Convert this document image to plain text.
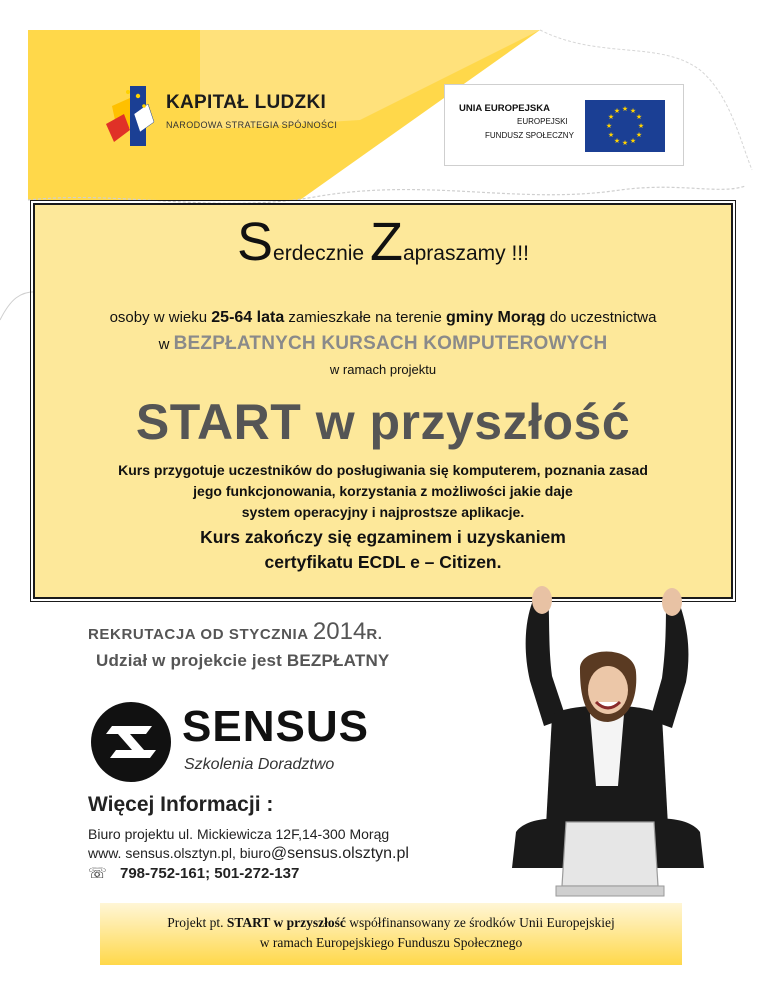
KAPITAŁ LUDZKI
NARODOWA STRATEGIA SPÓJNOŚCI
UNIA EUROPEJSKA
EUROPEJSKI
FUNDUSZ SPOŁECZNY
★ ★
★
★
★
★
★
★
★
★
★
★
Serdecznie Zapraszamy !!!
osoby w wieku 25-64 lata zamieszkałe na terenie gminy Morąg do uczestnictwa
w BEZPŁATNYCH KURSACH KOMPUTEROWYCH
w ramach projektu
START w przyszłość
Kurs przygotuje uczestników do posługiwania się komputerem, poznania zasad
jego funkcjonowania, korzystania z możliwości jakie daje
system operacyjny i najprostsze aplikacje.
Kurs zakończy się egzaminem i uzyskaniem
certyfikatu ECDL e – Citizen.
REKRUTACJA OD STYCZNIA 2014R.
Udział w projekcie jest BEZPŁATNY
SENSUS
Szkolenia Doradztwo
Więcej Informacji :
Biuro projektu ul. Mickiewicza 12F,14-300 Morąg
www. sensus.olsztyn.pl, biuro@sensus.olsztyn.pl
☏ 798-752-161; 501-272-137
Projekt pt. START w przyszłość współfinansowany ze środków Unii Europejskiej
w ramach Europejskiego Funduszu Społecznego
